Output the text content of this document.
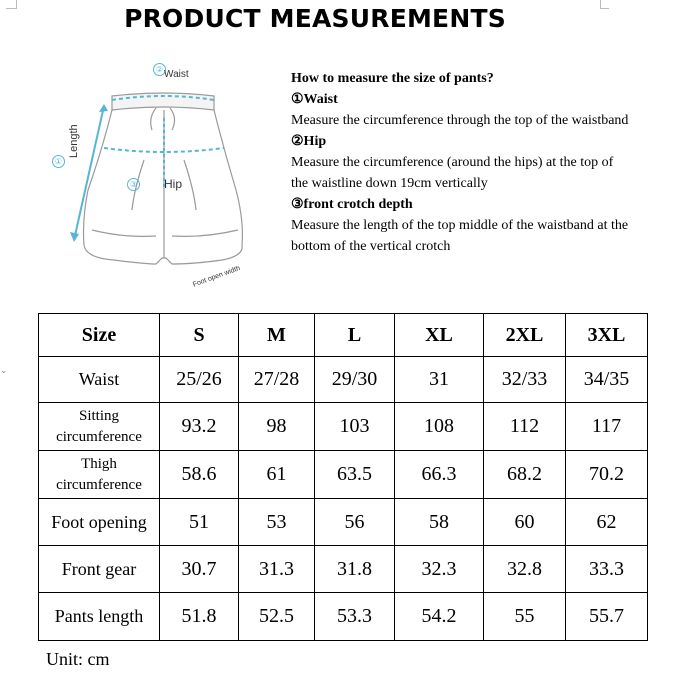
⌄
PRODUCT MEASUREMENTS
①
②
③
Waist
Hip
Length
Foot open width
How to measure the size of pants?
①Waist
Measure the circumference through the top of the waistband
②Hip
Measure the circumference (around the hips) at the top of
the waistline down 19cm vertically
③front crotch depth
Measure the length of the top middle of the waistband at the
bottom of the vertical crotch
Size	S	M	L	XL	2XL	3XL
Waist	25/26	27/28	29/30	31	32/33	34/35

Sitting
circumference	93.2	98	103	108	112	117

Thigh
circumference	58.6	61	63.5	66.3	68.2	70.2
Foot opening	51	53	56	58	60	62
Front gear	30.7	31.3	31.8	32.3	32.8	33.3
Pants length	51.8	52.5	53.3	54.2	55	55.7
Unit: cm
